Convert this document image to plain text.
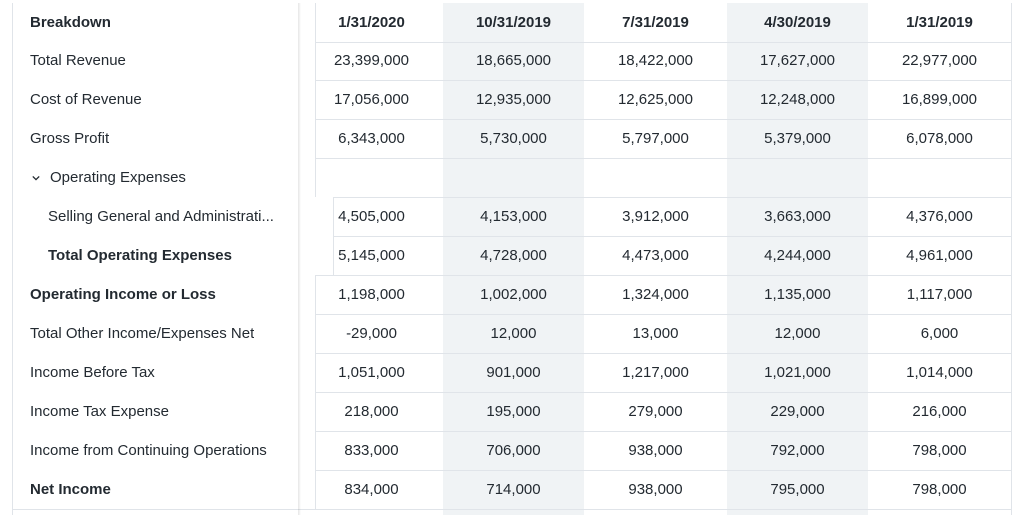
Breakdown	1/31/2020	10/31/2019	7/31/2019	4/30/2019	1/31/2019
Total Revenue	23,399,000	18,665,000	18,422,000	17,627,000	22,977,000
Cost of Revenue	17,056,000	12,935,000	12,625,000	12,248,000	16,899,000
Gross Profit	6,343,000	5,730,000	5,797,000	5,379,000	6,078,000
Operating Expenses
Selling General and Administrati...	4,505,000	4,153,000	3,912,000	3,663,000	4,376,000
Total Operating Expenses	5,145,000	4,728,000	4,473,000	4,244,000	4,961,000
Operating Income or Loss	1,198,000	1,002,000	1,324,000	1,135,000	1,117,000
Total Other Income/Expenses Net	-29,000	12,000	13,000	12,000	6,000
Income Before Tax	1,051,000	901,000	1,217,000	1,021,000	1,014,000
Income Tax Expense	218,000	195,000	279,000	229,000	216,000
Income from Continuing Operations	833,000	706,000	938,000	792,000	798,000
Net Income	834,000	714,000	938,000	795,000	798,000
